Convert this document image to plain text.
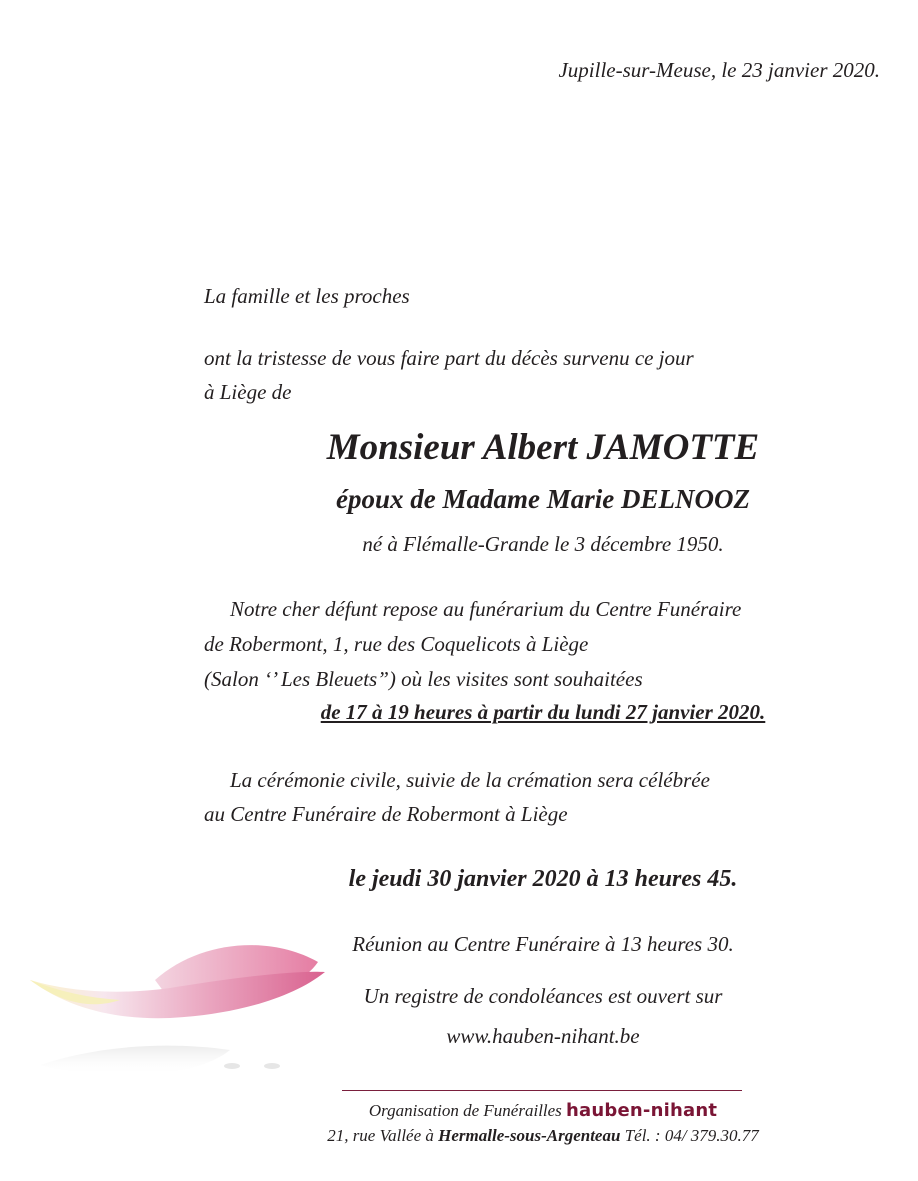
Jupille-sur-Meuse, le 23 janvier 2020.

La famille et les proches

ont la tristesse de vous faire part du décès survenu ce jour

à Liège de

Monsieur Albert JAMOTTE
époux de Madame Marie DELNOOZ
né à Flémalle-Grande le 3 décembre 1950.

Notre cher défunt repose au funérarium du Centre Funéraire

de Robermont, 1, rue des Coquelicots à Liège

(Salon ‘’ Les Bleuets”) où les visites sont souhaitées

de 17 à 19 heures à partir du lundi 27 janvier 2020.

La cérémonie civile, suivie de la crémation sera célébrée

au Centre Funéraire de Robermont à Liège

le jeudi 30 janvier 2020 à 13 heures 45.
Réunion au Centre Funéraire à 13 heures 30.
Un registre de condoléances est ouvert sur
www.hauben-nihant.be
Organisation de Funérailles hauben-nihant
21, rue Vallée à Hermalle-sous-Argenteau Tél. : 04/ 379.30.77
